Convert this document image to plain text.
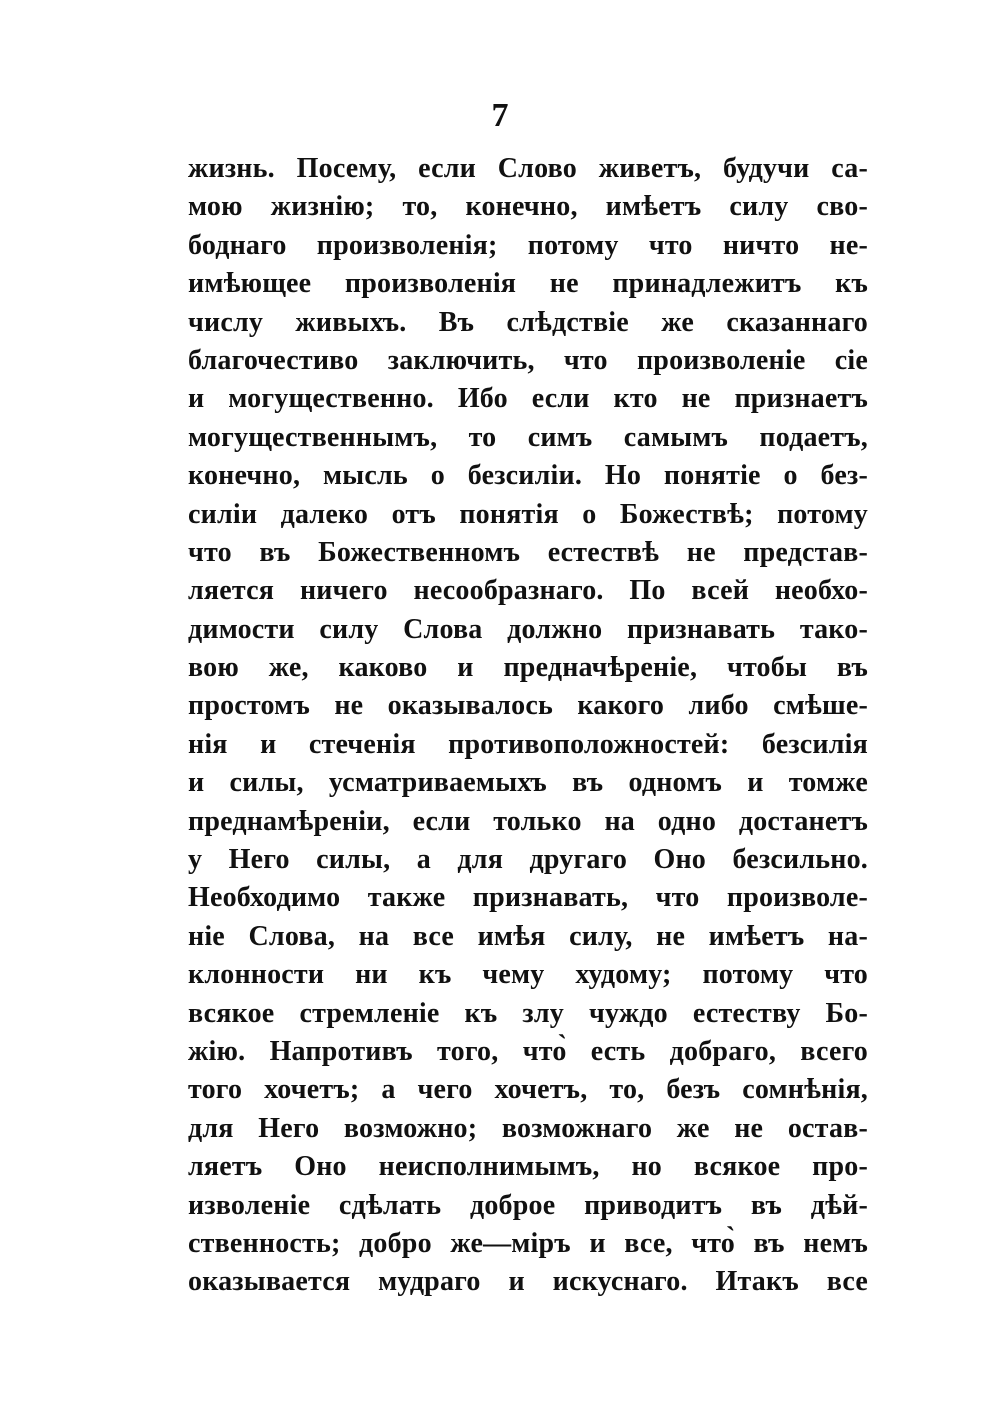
7
жизнь. Посему, если Слово живетъ, будучи са-
мою жизнію; то, конечно, имѣетъ силу сво-
боднаго произволенія; потому что ничто не-
имѣющее произволенія не принадлежитъ къ
числу живыхъ. Въ слѣдствіе же сказаннаго
благочестиво заключить, что произволеніе сіе
и могущественно. Ибо если кто не признаетъ
могущественнымъ, то симъ самымъ подаетъ,
конечно, мысль о безсиліи. Но понятіе о без-
силіи далеко отъ понятія о Божествѣ; потому
что въ Божественномъ естествѣ не представ-
ляется ничего несообразнаго. По всей необхо-
димости силу Слова должно признавать тако-
вою же, каково и предначѣреніе, чтобы въ
простомъ не оказывалось какого либо смѣше-
нія и стеченія противоположностей: безсилія
и силы, усматриваемыхъ въ одномъ и томже
преднамѣреніи, если только на одно достанетъ
у Него силы, а для другаго Оно безсильно.
Необходимо также признавать, что произволе-
ніе Слова, на все имѣя силу, не имѣетъ на-
клонности ни къ чему худому; потому что
всякое стремленіе къ злу чуждо естеству Бо-
жію. Напротивъ того, что̀ есть добраго, всего
того хочетъ; а чего хочетъ, то, безъ сомнѣнія,
для Него возможно; возможнаго же не остав-
ляетъ Оно неисполнимымъ, но всякое про-
изволеніе сдѣлать доброе приводитъ въ дѣй-
ственность; добро же—міръ и все, что̀ въ немъ
оказывается мудраго и искуснаго. Итакъ все
